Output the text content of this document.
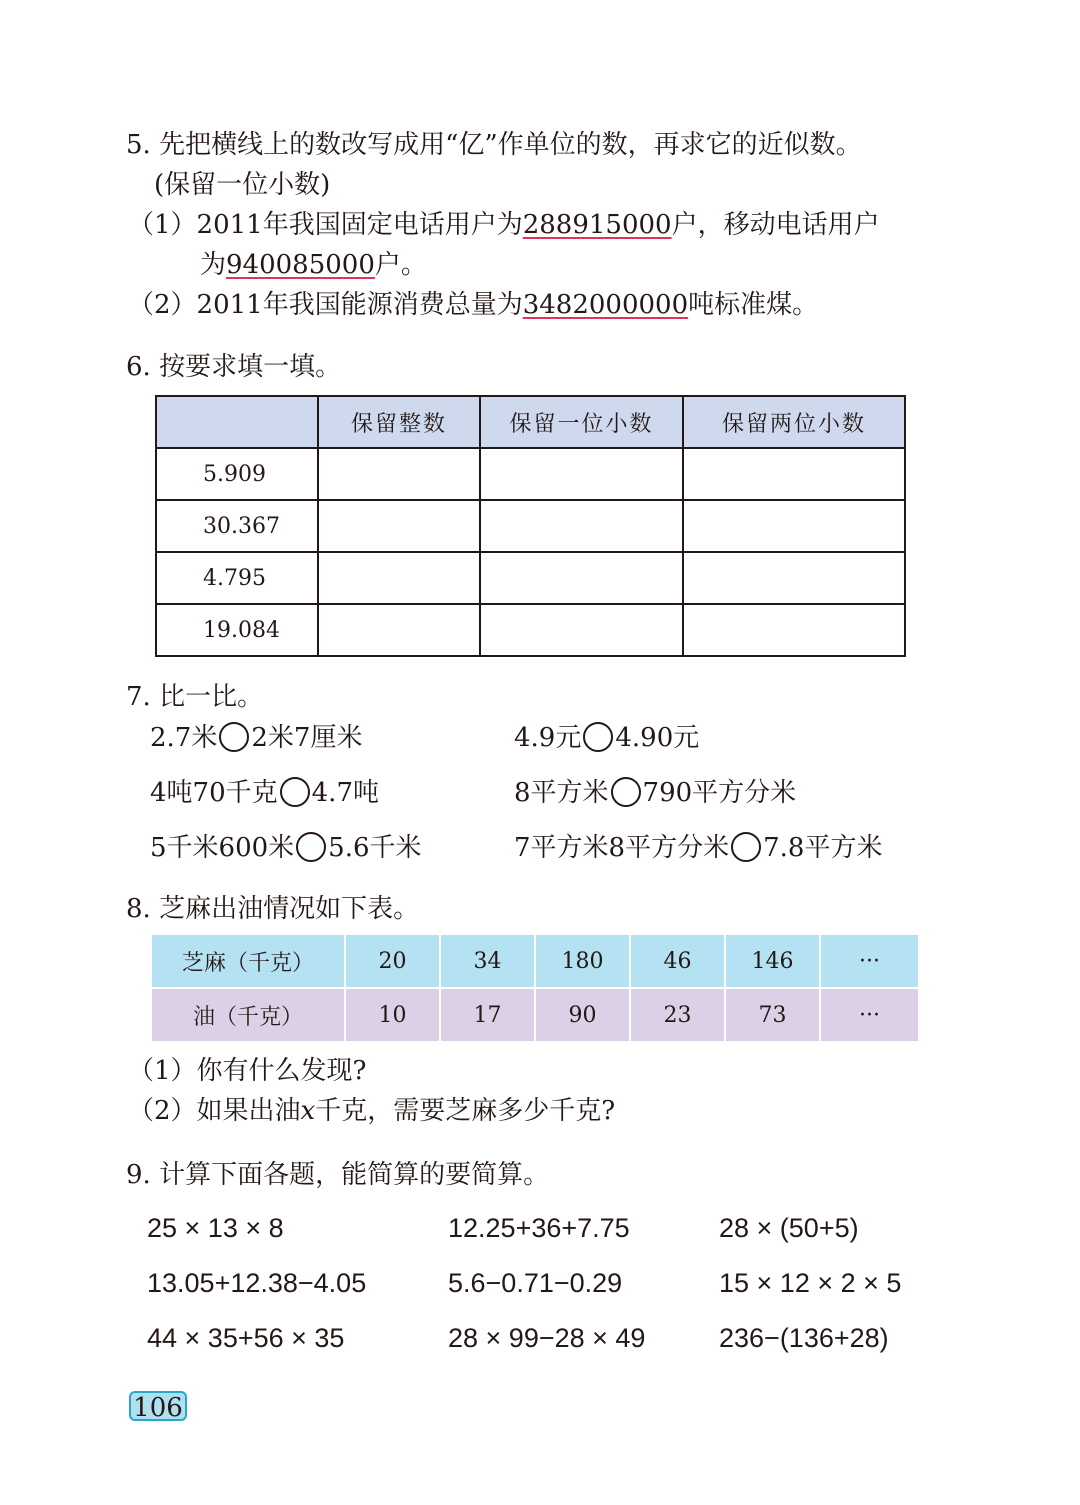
5. 先把横线上的数改写成用“亿”作单位的数，再求它的近似数。
(保留一位小数)
（1）2011年我国固定电话用户为288915000户，移动电话用户
为940085000户。
（2）2011年我国能源消费总量为3482000000吨标准煤。
6. 按要求填一填。
	保留整数	保留一位小数	保留两位小数
5.909			
30.367			
4.795			
19.084			
7. 比一比。
2.7米 2米7厘米	4.9元 4.90元
4吨70千克 4.7吨	8平方米 790平方分米
5千米600米 5.6千米	7平方米8平方分米 7.8平方米
8. 芝麻出油情况如下表。
芝麻（千克）	20	34	180	46	146	···
油（千克）	10	17	90	23	73	···
（1）你有什么发现?
（2）如果出油x千克，需要芝麻多少千克?
9. 计算下面各题，能简算的要简算。
25 × 13 × 8	12.25+36+7.75	28 × (50+5)
13.05+12.38−4.05	5.6−0.71−0.29	15 × 12 × 2 × 5
44 × 35+56 × 35	28 × 99−28 × 49	236−(136+28)
106
